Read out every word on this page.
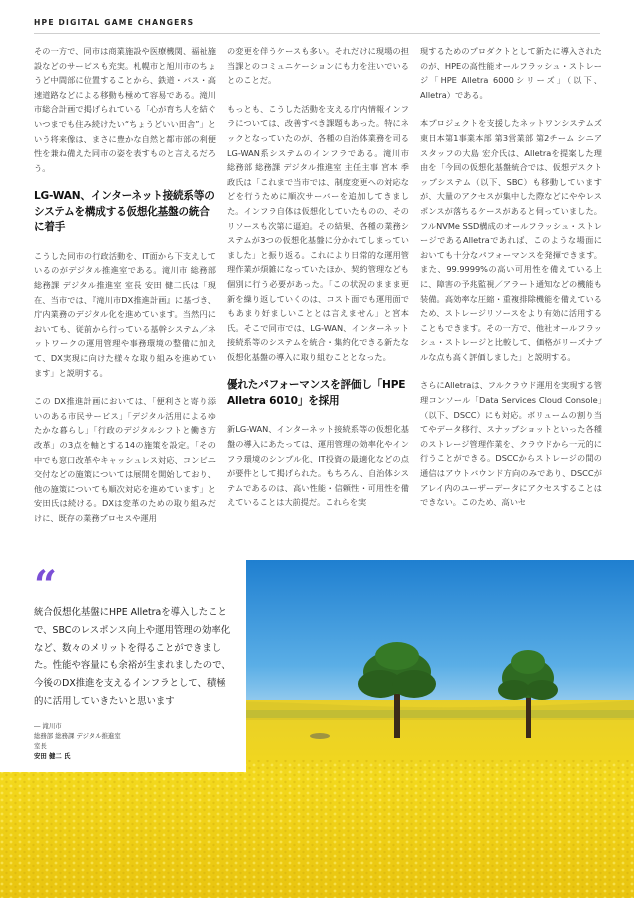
HPE DIGITAL GAME CHANGERS

その一方で、同市は商業施設や医療機関、福祉施設などのサービスも充実。札幌市と旭川市のちょうど中間部に位置することから、鉄道・バス・高速道路などによる移動も極めて容易である。滝川市総合計画で掲げられている「心が育ち人を結ぐいつまでも住み続けたい“ちょうどいい田舎”」という将来像は、まさに豊かな自然と都市部の利便性を兼ね備えた同市の姿を表すものと言えるだろう。

LG-WAN、インターネット接続系等のシステムを構成する仮想化基盤の統合に着手

こうした同市の行政活動を、IT面から下支えしているのがデジタル推進室である。滝川市 総務部 総務課 デジタル推進室 室長 安田 健二氏は「現在、当市では、『滝川市DX推進計画』に基づき、庁内業務のデジタル化を進めています。当然円においても、従前から行っている基幹システム／ネットワークの運用管理や事務環境の整備に加えて、DX実現に向けた様々な取り組みを進めています」と説明する。

この DX推進計画においては、「便利さと寄り添いのある市民サービス」「デジタル活用によるゆたかな暮らし」「行政のデジタルシフトと働き方改革」の3点を軸とする14の施策を設定。「その中でも窓口改革やキャッシュレス対応、コンビニ交付などの施策については展開を開始しており、他の施策についても順次対応を進めています」と安田氏は続ける。DXは変革のための取り組みだけに、既存の業務プロセスや運用

の変更を伴うケースも多い。それだけに現場の担当課とのコミュニケーションにも力を注いでいるとのことだ。

もっとも、こうした活動を支える庁内情報インフラについては、改善すべき課題もあった。特にネックとなっていたのが、各種の自治体業務を司るLG-WAN系システムのインフラである。滝川市 総務部 総務課 デジタル推進室 主任主事 宮本 季政氏は「これまで当市では、制度変更への対応などを行うために順次サーバーを追加してきました。インフラ自体は仮想化していたものの、そのリソースも次第に逼迫。その結果、各種の業務システムが3つの仮想化基盤に分かれてしまっていました」と振り返る。これにより日常的な運用管理作業が煩雑になっていたほか、契約管理なども個別に行う必要があった。「この状況のままま更新を繰り返していくのは、コスト面でも運用面でもあまり好ましいこととは言えません」と宮本氏。そこで同市では、LG-WAN、インターネット接続系等のシステムを統合・集約化できる新たな仮想化基盤の導入に取り組むこととなった。

優れたパフォーマンスを評価し「HPE Alletra 6010」を採用

新LG-WAN、インターネット接続系等の仮想化基盤の導入にあたっては、運用管理の効率化やインフラ環境のシンプル化、IT投資の最適化などの点が要件として掲げられた。もちろん、自治体システムであるのは、高い性能・信頼性・可用性を備えていることは大前提だ。これらを実

現するためのプロダクトとして新たに導入されたのが、HPEの高性能オールフラッシュ・ストレージ「HPE Alletra 6000シリーズ」（以下、Alletra）である。

本プロジェクトを支援したネットワンシステムズ 東日本第1事業本部 第3営業部 第2チーム シニアスタッフの大島 宏介氏は、Alletraを提案した理由を「今回の仮想化基盤統合では、仮想デスクトップシステム（以下、SBC）も移動していますが、大量のアクセスが集中した際などにややレスポンスが落ちるケースがあると伺っていました。フルNVMe SSD構成のオールフラッシュ・ストレージであるAlletraであれば、このような場面においても十分なパフォーマンスを発揮できます。また、99.9999%の高い可用性を備えている上に、障害の予兆監視／アラート通知などの機能も装備。高効率な圧縮・重複排除機能を備えているため、ストレージリソースをより有効に活用することもできます。その一方で、他社オールフラッシュ・ストレージと比較して、価格がリーズナブルな点も高く評価しました」と説明する。

さらにAlletraは、フルクラウド運用を実現する管理コンソール「Data Services Cloud Console」（以下、DSCC）にも対応。ボリュームの割り当てやデータ移行、スナップショットといった各種のストレージ管理作業を、クラウドから一元的に行うことができる。DSCCからストレージの間の通信はアウトバウンド方向のみであり、DSCCがアレイ内のユーザーデータにアクセスすることはできない。このため、高いセ

“
統合仮想化基盤にHPE Alletraを導入したことで、SBCのレスポンス向上や運用管理の効率化など、数々のメリットを得ることができました。性能や容量にも余裕が生まれましたので、今後のDX推進を支えるインフラとして、積極的に活用していきたいと思います
― 滝川市
総務部 総務課 デジタル推進室
室長
安田 健二 氏
